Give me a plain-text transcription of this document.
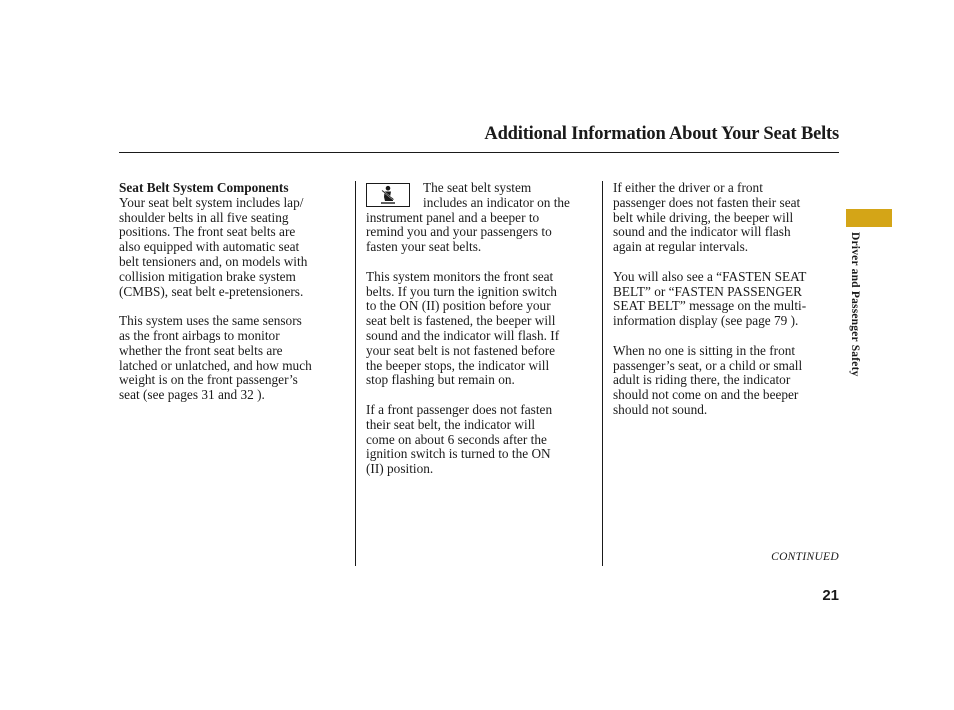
Additional Information About Your Seat Belts

Seat Belt System Components
Your seat belt system includes lap/
shoulder belts in all five seating
positions. The front seat belts are
also equipped with automatic seat
belt tensioners and, on models with
collision mitigation brake system
(CMBS), seat belt e-pretensioners.

This system uses the same sensors
as the front airbags to monitor
whether the front seat belts are
latched or unlatched, and how much
weight is on the front passenger’s
seat (see pages 31 and 32 ).

The seat belt system
includes an indicator on the
instrument panel and a beeper to
remind you and your passengers to
fasten your seat belts.

This system monitors the front seat
belts. If you turn the ignition switch
to the ON (II) position before your
seat belt is fastened, the beeper will
sound and the indicator will flash. If
your seat belt is not fastened before
the beeper stops, the indicator will
stop flashing but remain on.

If a front passenger does not fasten
their seat belt, the indicator will
come on about 6 seconds after the
ignition switch is turned to the ON
(II) position.

If either the driver or a front
passenger does not fasten their seat
belt while driving, the beeper will
sound and the indicator will flash
again at regular intervals.

You will also see a “FASTEN SEAT
BELT” or “FASTEN PASSENGER
SEAT BELT” message on the multi-
information display (see page 79 ).

When no one is sitting in the front
passenger’s seat, or a child or small
adult is riding there, the indicator
should not come on and the beeper
should not sound.

Driver and Passenger Safety
CONTINUED
21
